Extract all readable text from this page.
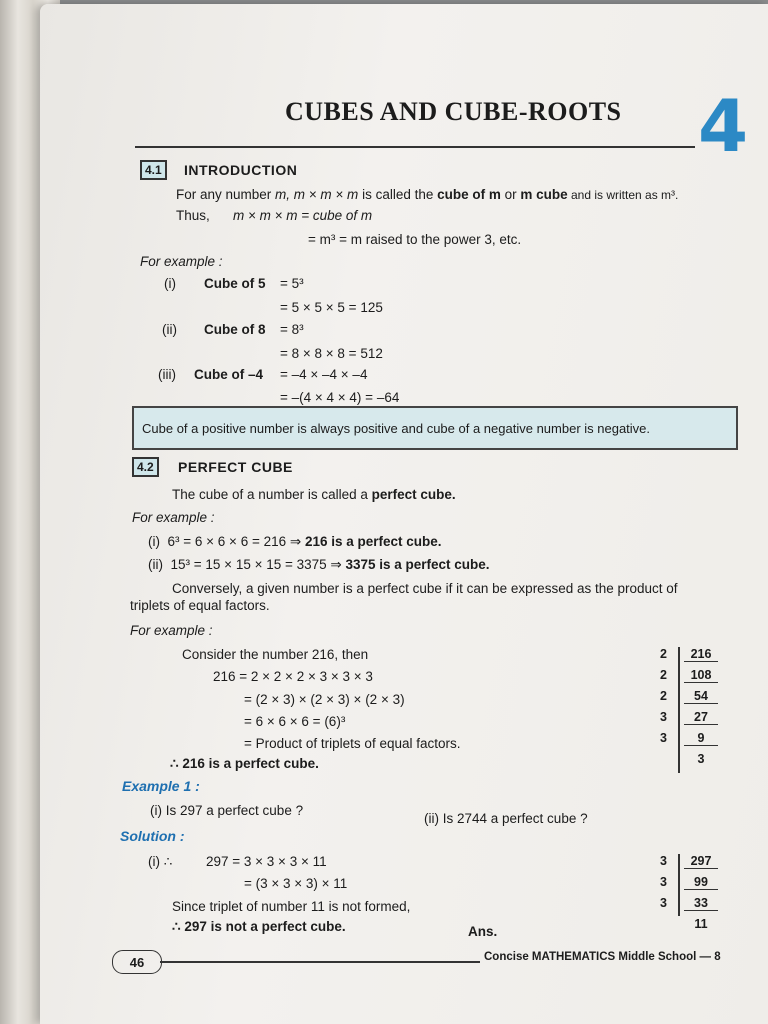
CUBES AND CUBE-ROOTS 4
4.1	INTRODUCTION
For any number m, m × m × m is called the cube of m or m cube and is written as m³.
Thus, m × m × m = cube of m
= m³ = m raised to the power 3, etc.
For example :
(i) Cube of 5 = 5³
= 5 × 5 × 5 = 125
(ii) Cube of 8 = 8³
= 8 × 8 × 8 = 512
(iii) Cube of –4 = –4 × –4 × –4
= –(4 × 4 × 4) = –64
Cube of a positive number is always positive and cube of a negative number is negative.
4.2	PERFECT CUBE
The cube of a number is called a perfect cube.
For example :
(i) 6³ = 6 × 6 × 6 = 216 ⇒ 216 is a perfect cube.
(ii) 15³ = 15 × 15 × 15 = 3375 ⇒ 3375 is a perfect cube.
Conversely, a given number is a perfect cube if it can be expressed as the product of
triplets of equal factors.
For example :
Consider the number 216, then
216 = 2 × 2 × 2 × 3 × 3 × 3
= (2 × 3) × (2 × 3) × (2 × 3)
= 6 × 6 × 6 = (6)³
= Product of triplets of equal factors.
∴ 216 is a perfect cube.
2	216
2	108
2	54
3	27
3	9
3
Example 1 :
(i) Is 297 a perfect cube ?
(ii) Is 2744 a perfect cube ?
Solution :
(i) ∴ 297 = 3 × 3 × 3 × 11
= (3 × 3 × 3) × 11
Since triplet of number 11 is not formed,
∴ 297 is not a perfect cube.	Ans.
3	297
3	99
3	33
11
46	Concise MATHEMATICS Middle School — 8
